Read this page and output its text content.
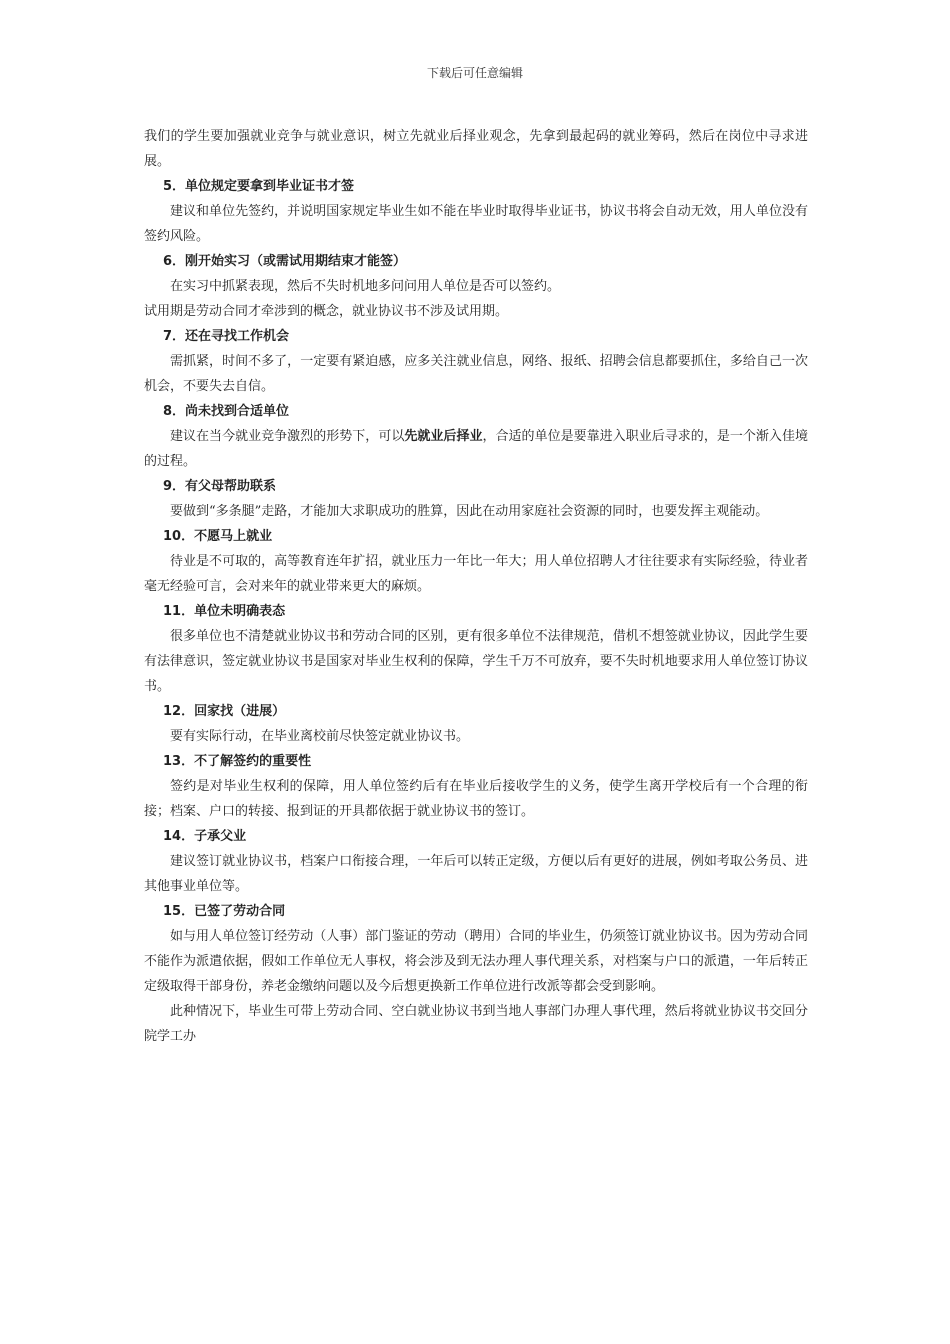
下载后可任意编辑

我们的学生要加强就业竞争与就业意识，树立先就业后择业观念，先拿到最起码的就业筹码，然后在岗位中寻求进展。

5．单位规定要拿到毕业证书才签

建议和单位先签约，并说明国家规定毕业生如不能在毕业时取得毕业证书，协议书将会自动无效，用人单位没有签约风险。

6．刚开始实习（或需试用期结束才能签）

在实习中抓紧表现，然后不失时机地多问问用人单位是否可以签约。

试用期是劳动合同才牵涉到的概念，就业协议书不涉及试用期。

7．还在寻找工作机会

需抓紧，时间不多了，一定要有紧迫感，应多关注就业信息，网络、报纸、招聘会信息都要抓住，多给自己一次机会，不要失去自信。

8．尚未找到合适单位

建议在当今就业竞争激烈的形势下，可以先就业后择业，合适的单位是要靠进入职业后寻求的，是一个渐入佳境的过程。

9．有父母帮助联系

要做到“多条腿”走路，才能加大求职成功的胜算，因此在动用家庭社会资源的同时，也要发挥主观能动。

10．不愿马上就业

待业是不可取的，高等教育连年扩招，就业压力一年比一年大；用人单位招聘人才往往要求有实际经验，待业者毫无经验可言，会对来年的就业带来更大的麻烦。

11．单位未明确表态

很多单位也不清楚就业协议书和劳动合同的区别，更有很多单位不法律规范，借机不想签就业协议，因此学生要有法律意识，签定就业协议书是国家对毕业生权利的保障，学生千万不可放弃，要不失时机地要求用人单位签订协议书。

12．回家找（进展）

要有实际行动，在毕业离校前尽快签定就业协议书。

13．不了解签约的重要性

签约是对毕业生权利的保障，用人单位签约后有在毕业后接收学生的义务，使学生离开学校后有一个合理的衔接；档案、户口的转接、报到证的开具都依据于就业协议书的签订。

14．子承父业

建议签订就业协议书，档案户口衔接合理，一年后可以转正定级，方便以后有更好的进展，例如考取公务员、进其他事业单位等。

15．已签了劳动合同

如与用人单位签订经劳动（人事）部门鉴证的劳动（聘用）合同的毕业生，仍须签订就业协议书。因为劳动合同不能作为派遣依据，假如工作单位无人事权，将会涉及到无法办理人事代理关系，对档案与户口的派遣，一年后转正定级取得干部身份，养老金缴纳问题以及今后想更换新工作单位进行改派等都会受到影响。

此种情况下，毕业生可带上劳动合同、空白就业协议书到当地人事部门办理人事代理，然后将就业协议书交回分院学工办
